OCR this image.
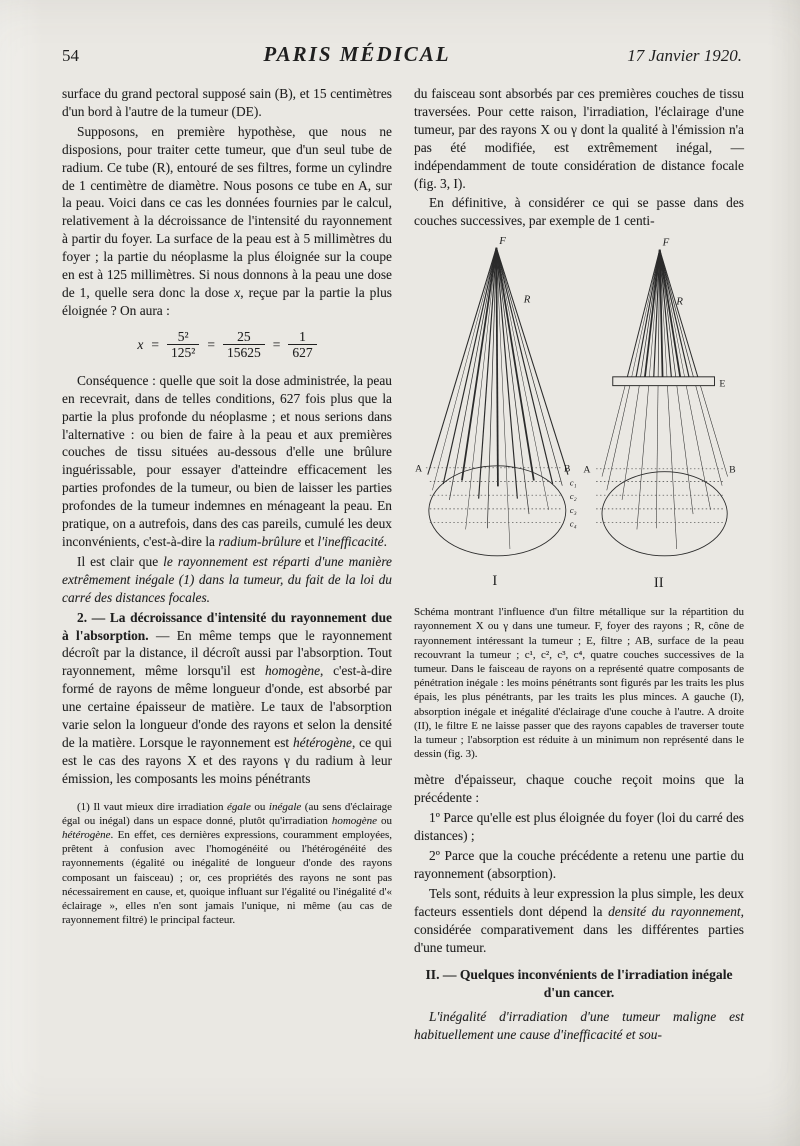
54	PARIS MÉDICAL	17 Janvier 1920.

surface du grand pectoral supposé sain (B), et 15 centimètres d'un bord à l'autre de la tumeur (DE).

Supposons, en première hypothèse, que nous ne disposions, pour traiter cette tumeur, que d'un seul tube de radium. Ce tube (R), entouré de ses filtres, forme un cylindre de 1 centimètre de diamètre. Nous posons ce tube en A, sur la peau. Voici dans ce cas les données fournies par le calcul, relativement à la décroissance de l'intensité du rayonnement à partir du foyer. La surface de la peau est à 5 millimètres du foyer ; la partie du néoplasme la plus éloignée sur la coupe en est à 125 millimètres. Si nous donnons à la peau une dose de 1, quelle sera donc la dose x, reçue par la partie la plus éloignée ? On aura :

$x = \frac{\text{5²}}{\text{125²}} = \frac{25}{15625} = \frac{1}{627}$

Conséquence : quelle que soit la dose administrée, la peau en recevrait, dans de telles conditions, 627 fois plus que la partie la plus profonde du néoplasme ; et nous serions dans l'alternative : ou bien de faire à la peau et aux premières couches de tissu situées au-dessous d'elle une brûlure inguérissable, pour essayer d'atteindre efficacement les parties profondes de la tumeur, ou bien de laisser les parties profondes de la tumeur indemnes en ménageant la peau. En pratique, on a autrefois, dans des cas pareils, cumulé les deux inconvénients, c'est-à-dire la radium-brûlure et l'inefficacité.

Il est clair que le rayonnement est réparti d'une manière extrêmement inégale (1) dans la tumeur, du fait de la loi du carré des distances focales.

2. — La décroissance d'intensité du rayonnement due à l'absorption. — En même temps que le rayonnement décroît par la distance, il décroît aussi par l'absorption. Tout rayonnement, même lorsqu'il est homogène, c'est-à-dire formé de rayons de même longueur d'onde, est absorbé par une certaine épaisseur de matière. Le taux de l'absorption varie selon la longueur d'onde des rayons et selon la densité de la matière. Lorsque le rayonnement est hétérogène, ce qui est le cas des rayons X et des rayons γ du radium à leur émission, les composants les moins pénétrants

(1) Il vaut mieux dire irradiation égale ou inégale (au sens d'éclairage égal ou inégal) dans un espace donné, plutôt qu'irradiation homogène ou hétérogène. En effet, ces dernières expressions, couramment employées, prêtent à confusion avec l'homogénéité ou l'hétérogénéité des rayonnements (égalité ou inégalité de longueur d'onde des rayons composant un faisceau) ; or, ces propriétés des rayons ne sont pas nécessairement en cause, et, quoique influant sur l'égalité ou l'inégalité d'« éclairage », elles n'en sont jamais l'unique, ni même (au cas de rayonnement filtré) le principal facteur.

du faisceau sont absorbés par ces premières couches de tissu traversées. Pour cette raison, l'irradiation, l'éclairage d'une tumeur, par des rayons X ou γ dont la qualité à l'émission n'a pas été modifiée, est extrêmement inégal, — indépendamment de toute considération de distance focale (fig. 3, I).

En définitive, à considérer ce qui se passe dans des couches successives, par exemple de 1 centi-

F	F
R	R
A	B A	B
E
c₁
c₂
c₃
c₄
I	II

Schéma montrant l'influence d'un filtre métallique sur la répartition du rayonnement X ou γ dans une tumeur. F, foyer des rayons ; R, cône de rayonnement intéressant la tumeur ; E, filtre ; AB, surface de la peau recouvrant la tumeur ; c¹, c², c³, c⁴, quatre couches successives de la tumeur. Dans le faisceau de rayons on a représenté quatre composants de pénétration inégale : les moins pénétrants sont figurés par les traits les plus épais, les plus pénétrants, par les traits les plus minces. A gauche (I), absorption inégale et inégalité d'éclairage d'une couche à l'autre. A droite (II), le filtre E ne laisse passer que des rayons capables de traverser toute la tumeur ; l'absorption est réduite à un minimum non représenté dans le dessin (fig. 3).

mètre d'épaisseur, chaque couche reçoit moins que la précédente :

1º Parce qu'elle est plus éloignée du foyer (loi du carré des distances) ;

2º Parce que la couche précédente a retenu une partie du rayonnement (absorption).

Tels sont, réduits à leur expression la plus simple, les deux facteurs essentiels dont dépend la densité du rayonnement, considérée comparativement dans les différentes parties d'une tumeur.

II. — Quelques inconvénients de l'irradiation inégale d'un cancer.

L'inégalité d'irradiation d'une tumeur maligne est habituellement une cause d'inefficacité et sou-
